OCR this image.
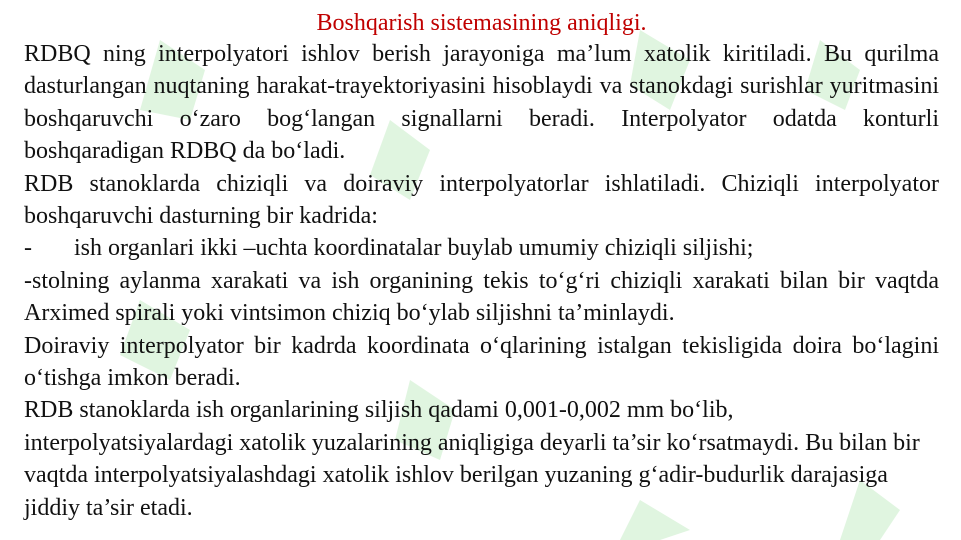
Boshqarish sistemasining aniqligi.

RDBQ ning interpolyatori ishlov berish jarayoniga ma’lum xatolik kiritiladi. Bu qurilma dasturlangan nuqtaning harakat-trayektoriyasini hisoblaydi va stanokdagi surishlar yuritmasini boshqaruvchi o‘zaro bog‘langan signallarni beradi. Interpolyator odatda konturli boshqaradigan RDBQ da bo‘ladi.

RDB stanoklarda chiziqli va doiraviy interpolyatorlar ishlatiladi. Chiziqli interpolyator boshqaruvchi dasturning bir kadrida:

-	ish organlari ikki –uchta koordinatalar buylab umumiy chiziqli siljishi;

-stolning aylanma xarakati va ish organining tekis to‘g‘ri chiziqli xarakati bilan bir vaqtda Arximed spirali yoki vintsimon chiziq bo‘ylab siljishni ta’minlaydi.

Doiraviy interpolyator bir kadrda koordinata o‘qlarining istalgan tekisligida doira bo‘lagini o‘tishga imkon beradi.

RDB stanoklarda ish organlarining siljish qadami 0,001-0,002 mm bo‘lib, interpolyatsiyalardagi xatolik yuzalarining aniqligiga deyarli ta’sir ko‘rsatmaydi. Bu bilan bir vaqtda interpolyatsiyalashdagi xatolik ishlov berilgan yuzaning g‘adir-budurlik darajasiga jiddiy ta’sir etadi.
